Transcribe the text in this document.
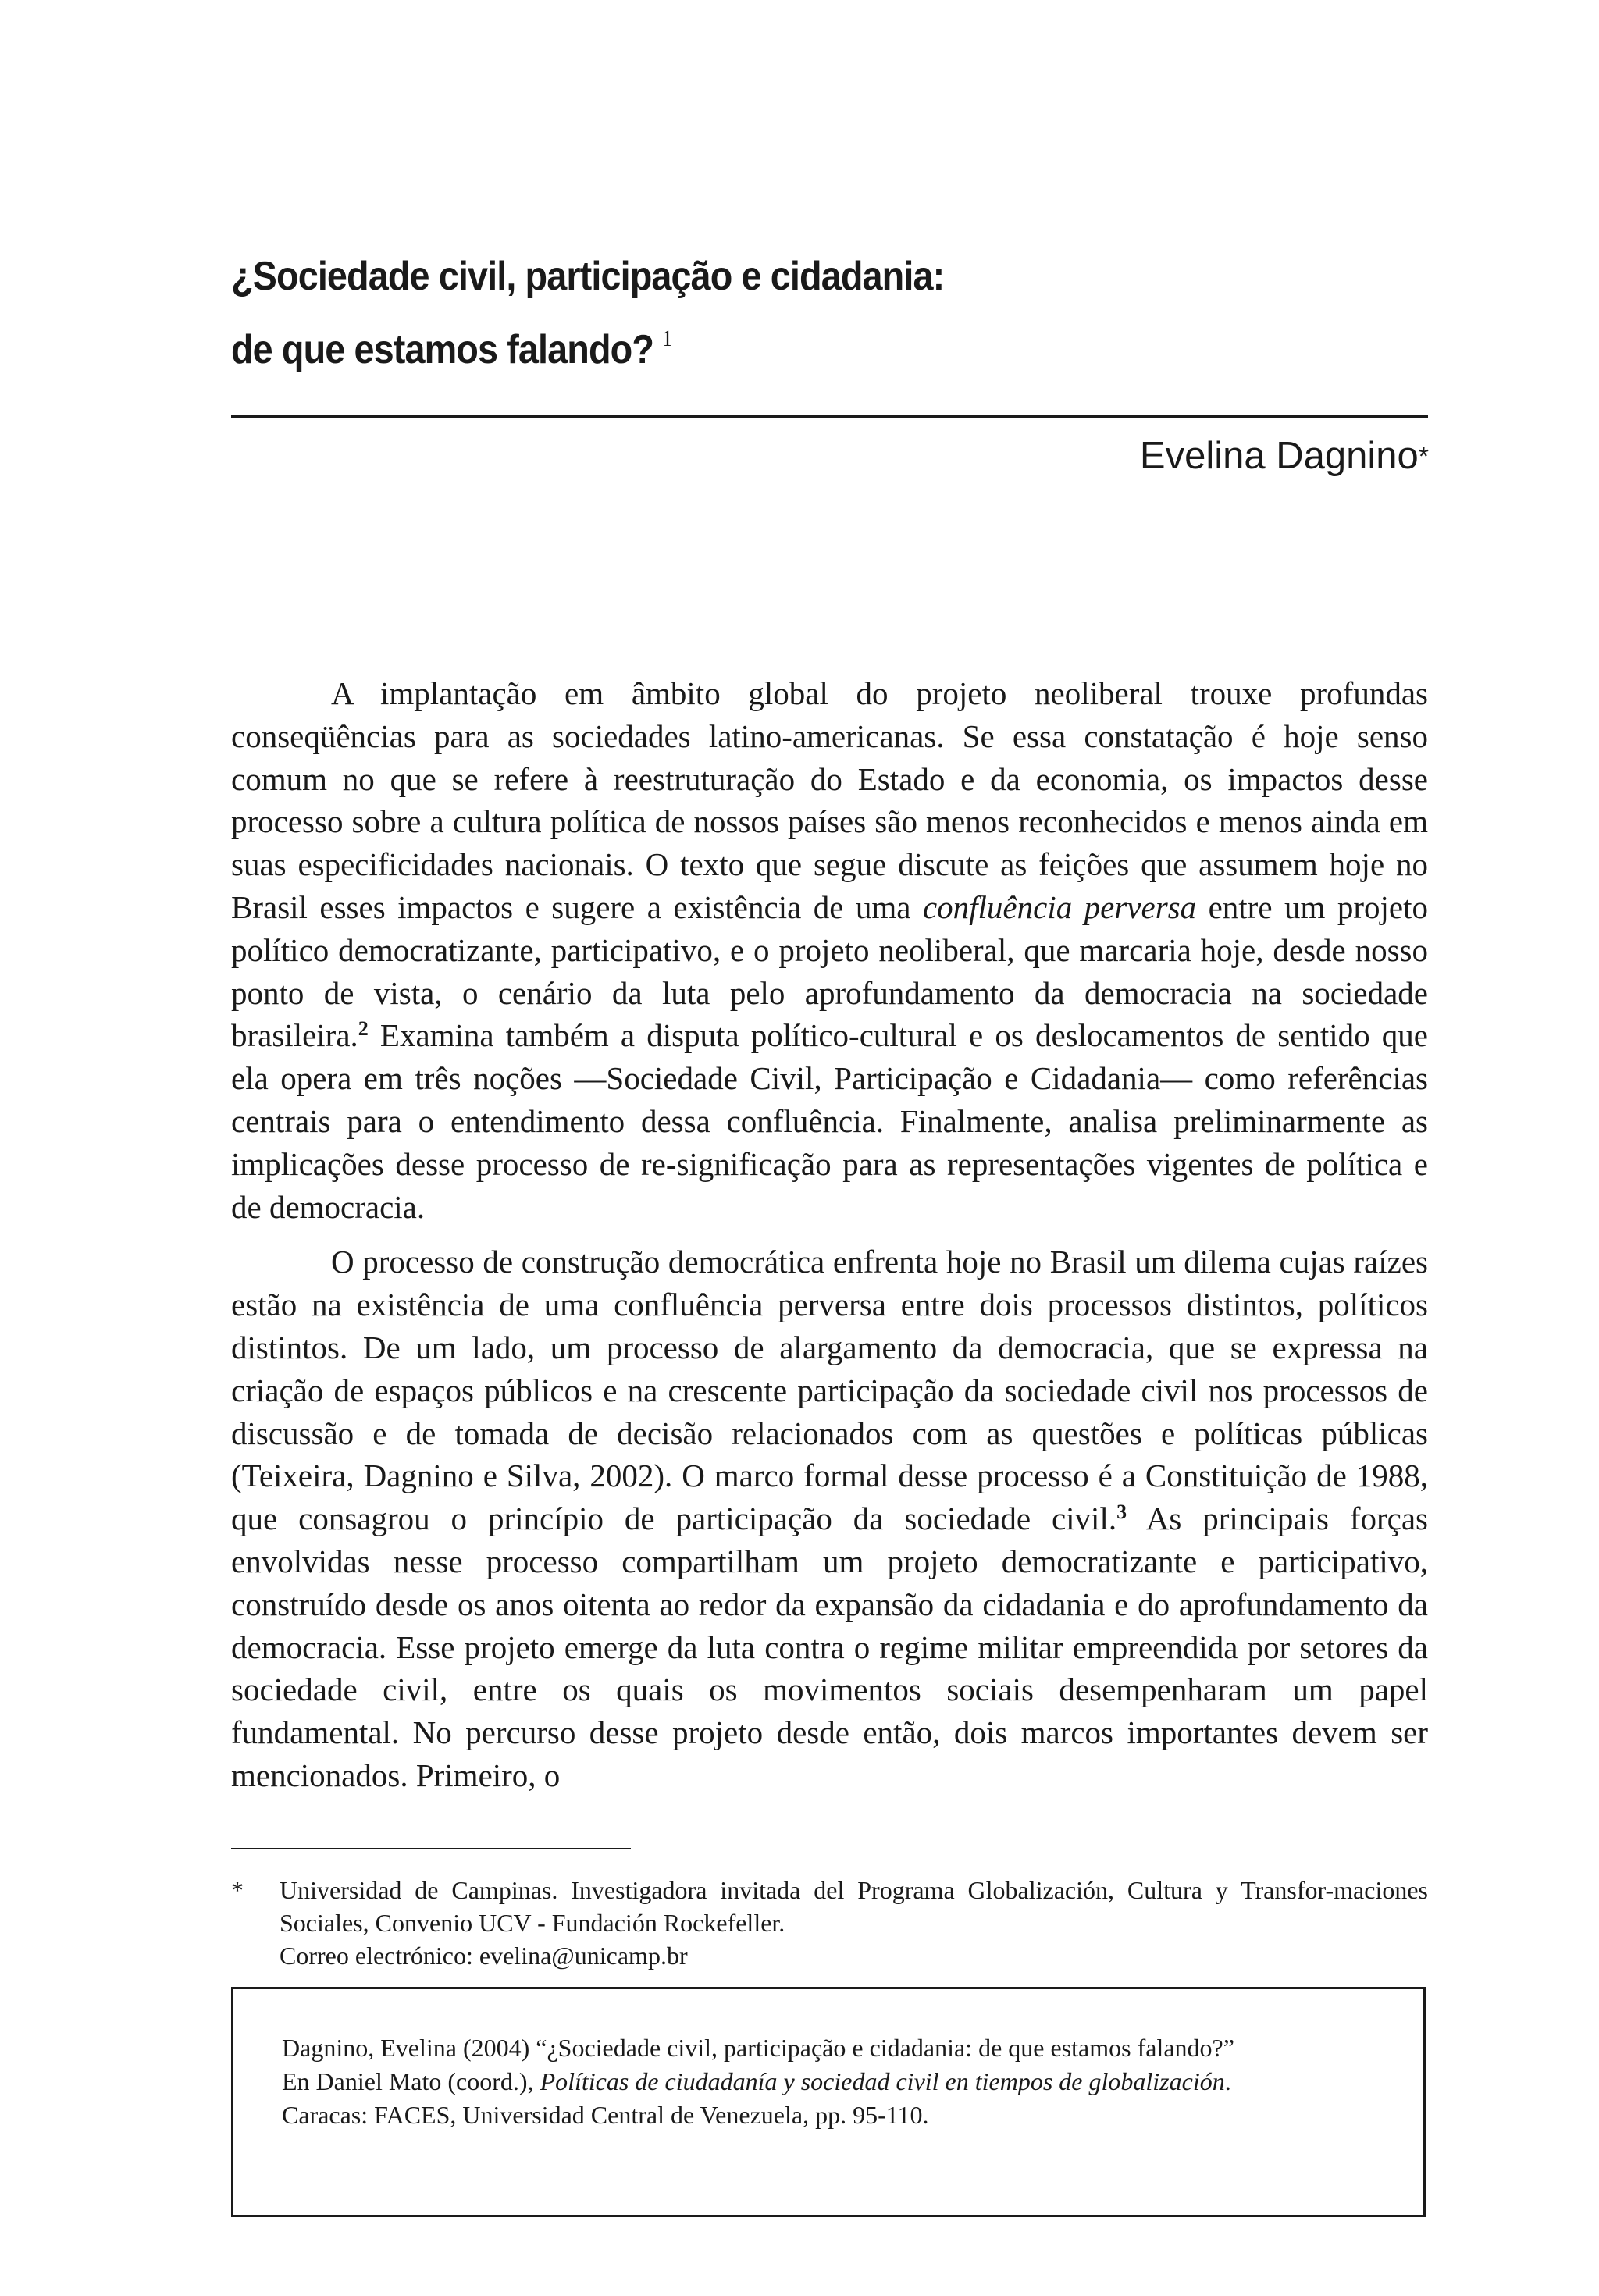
¿Sociedade civil, participação e cidadania:
de que estamos falando? $^1$
Evelina Dagnino*

A implantação em âmbito global do projeto neoliberal trouxe profundas conseqüências para as sociedades latino-americanas. Se essa constatação é hoje senso comum no que se refere à reestruturação do Estado e da economia, os impactos desse processo sobre a cultura política de nossos países são menos reconhecidos e menos ainda em suas especificidades nacionais. O texto que segue discute as feições que assumem hoje no Brasil esses impactos e sugere a existência de uma confluência perversa entre um projeto político democratizante, participativo, e o projeto neoliberal, que marcaria hoje, desde nosso ponto de vista, o cenário da luta pelo aprofundamento da democracia na sociedade brasileira.$^2$ Examina também a disputa político-cultural e os deslocamentos de sentido que ela opera em três noções —Sociedade Civil, Participação e Cidadania— como referências centrais para o entendimento dessa confluência. Finalmente, analisa preliminarmente as implicações desse processo de re-significação para as representações vigentes de política e de democracia.

O processo de construção democrática enfrenta hoje no Brasil um dilema cujas raízes estão na existência de uma confluência perversa entre dois processos distintos, políticos distintos. De um lado, um processo de alargamento da democracia, que se expressa na criação de espaços públicos e na crescente participação da sociedade civil nos processos de discussão e de tomada de decisão relacionados com as questões e políticas públicas (Teixeira, Dagnino e Silva, 2002). O marco formal desse processo é a Constituição de 1988, que consagrou o princípio de participação da sociedade civil.$^3$ As principais forças envolvidas nesse processo compartilham um projeto democratizante e participativo, construído desde os anos oitenta ao redor da expansão da cidadania e do aprofundamento da democracia. Esse projeto emerge da luta contra o regime militar empreendida por setores da sociedade civil, entre os quais os movimentos sociais desempenharam um papel fundamental. No percurso desse projeto desde então, dois marcos importantes devem ser mencionados. Primeiro, o

* Universidad de Campinas. Investigadora invitada del Programa Globalización, Cultura y Transfor-maciones Sociales, Convenio UCV - Fundación Rockefeller.
Correo electrónico: evelina@unicamp.br
Dagnino, Evelina (2004) “¿Sociedade civil, participação e cidadania: de que estamos falando?”
En Daniel Mato (coord.), Políticas de ciudadanía y sociedad civil en tiempos de globalización.
Caracas: FACES, Universidad Central de Venezuela, pp. 95-110.
